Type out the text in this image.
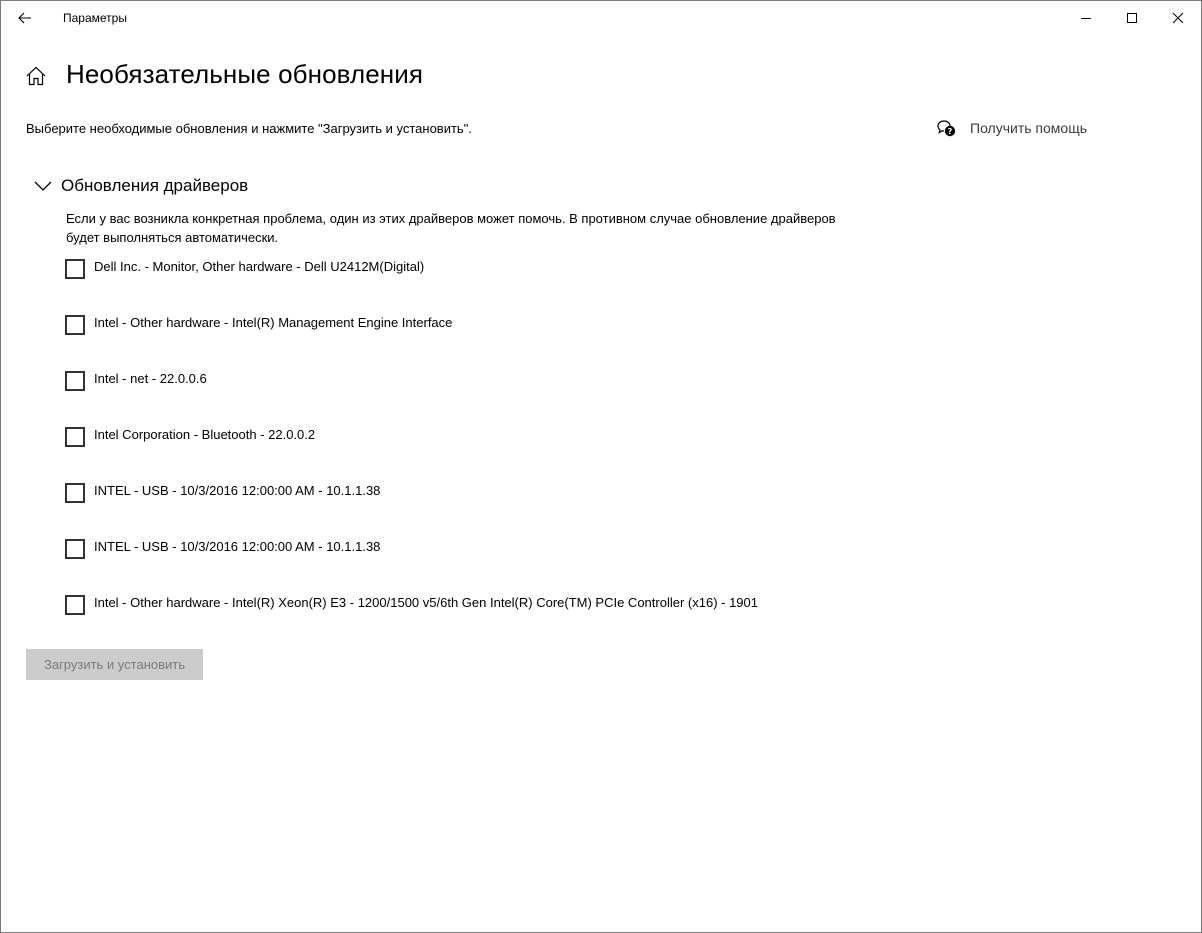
Параметры
Необязательные обновления
Выберите необходимые обновления и нажмите "Загрузить и установить".	? Получить помощь
Обновления драйверов
Если у вас возникла конкретная проблема, один из этих драйверов может помочь. В противном случае обновление драйверов будет выполняться автоматически.
Dell Inc. - Monitor, Other hardware - Dell U2412M(Digital)
Intel - Other hardware - Intel(R) Management Engine Interface
Intel - net - 22.0.0.6
Intel Corporation - Bluetooth - 22.0.0.2
INTEL - USB - 10/3/2016 12:00:00 AM - 10.1.1.38
INTEL - USB - 10/3/2016 12:00:00 AM - 10.1.1.38
Intel - Other hardware - Intel(R) Xeon(R) E3 - 1200/1500 v5/6th Gen Intel(R) Core(TM) PCIe Controller (x16) - 1901
Загрузить и установить
